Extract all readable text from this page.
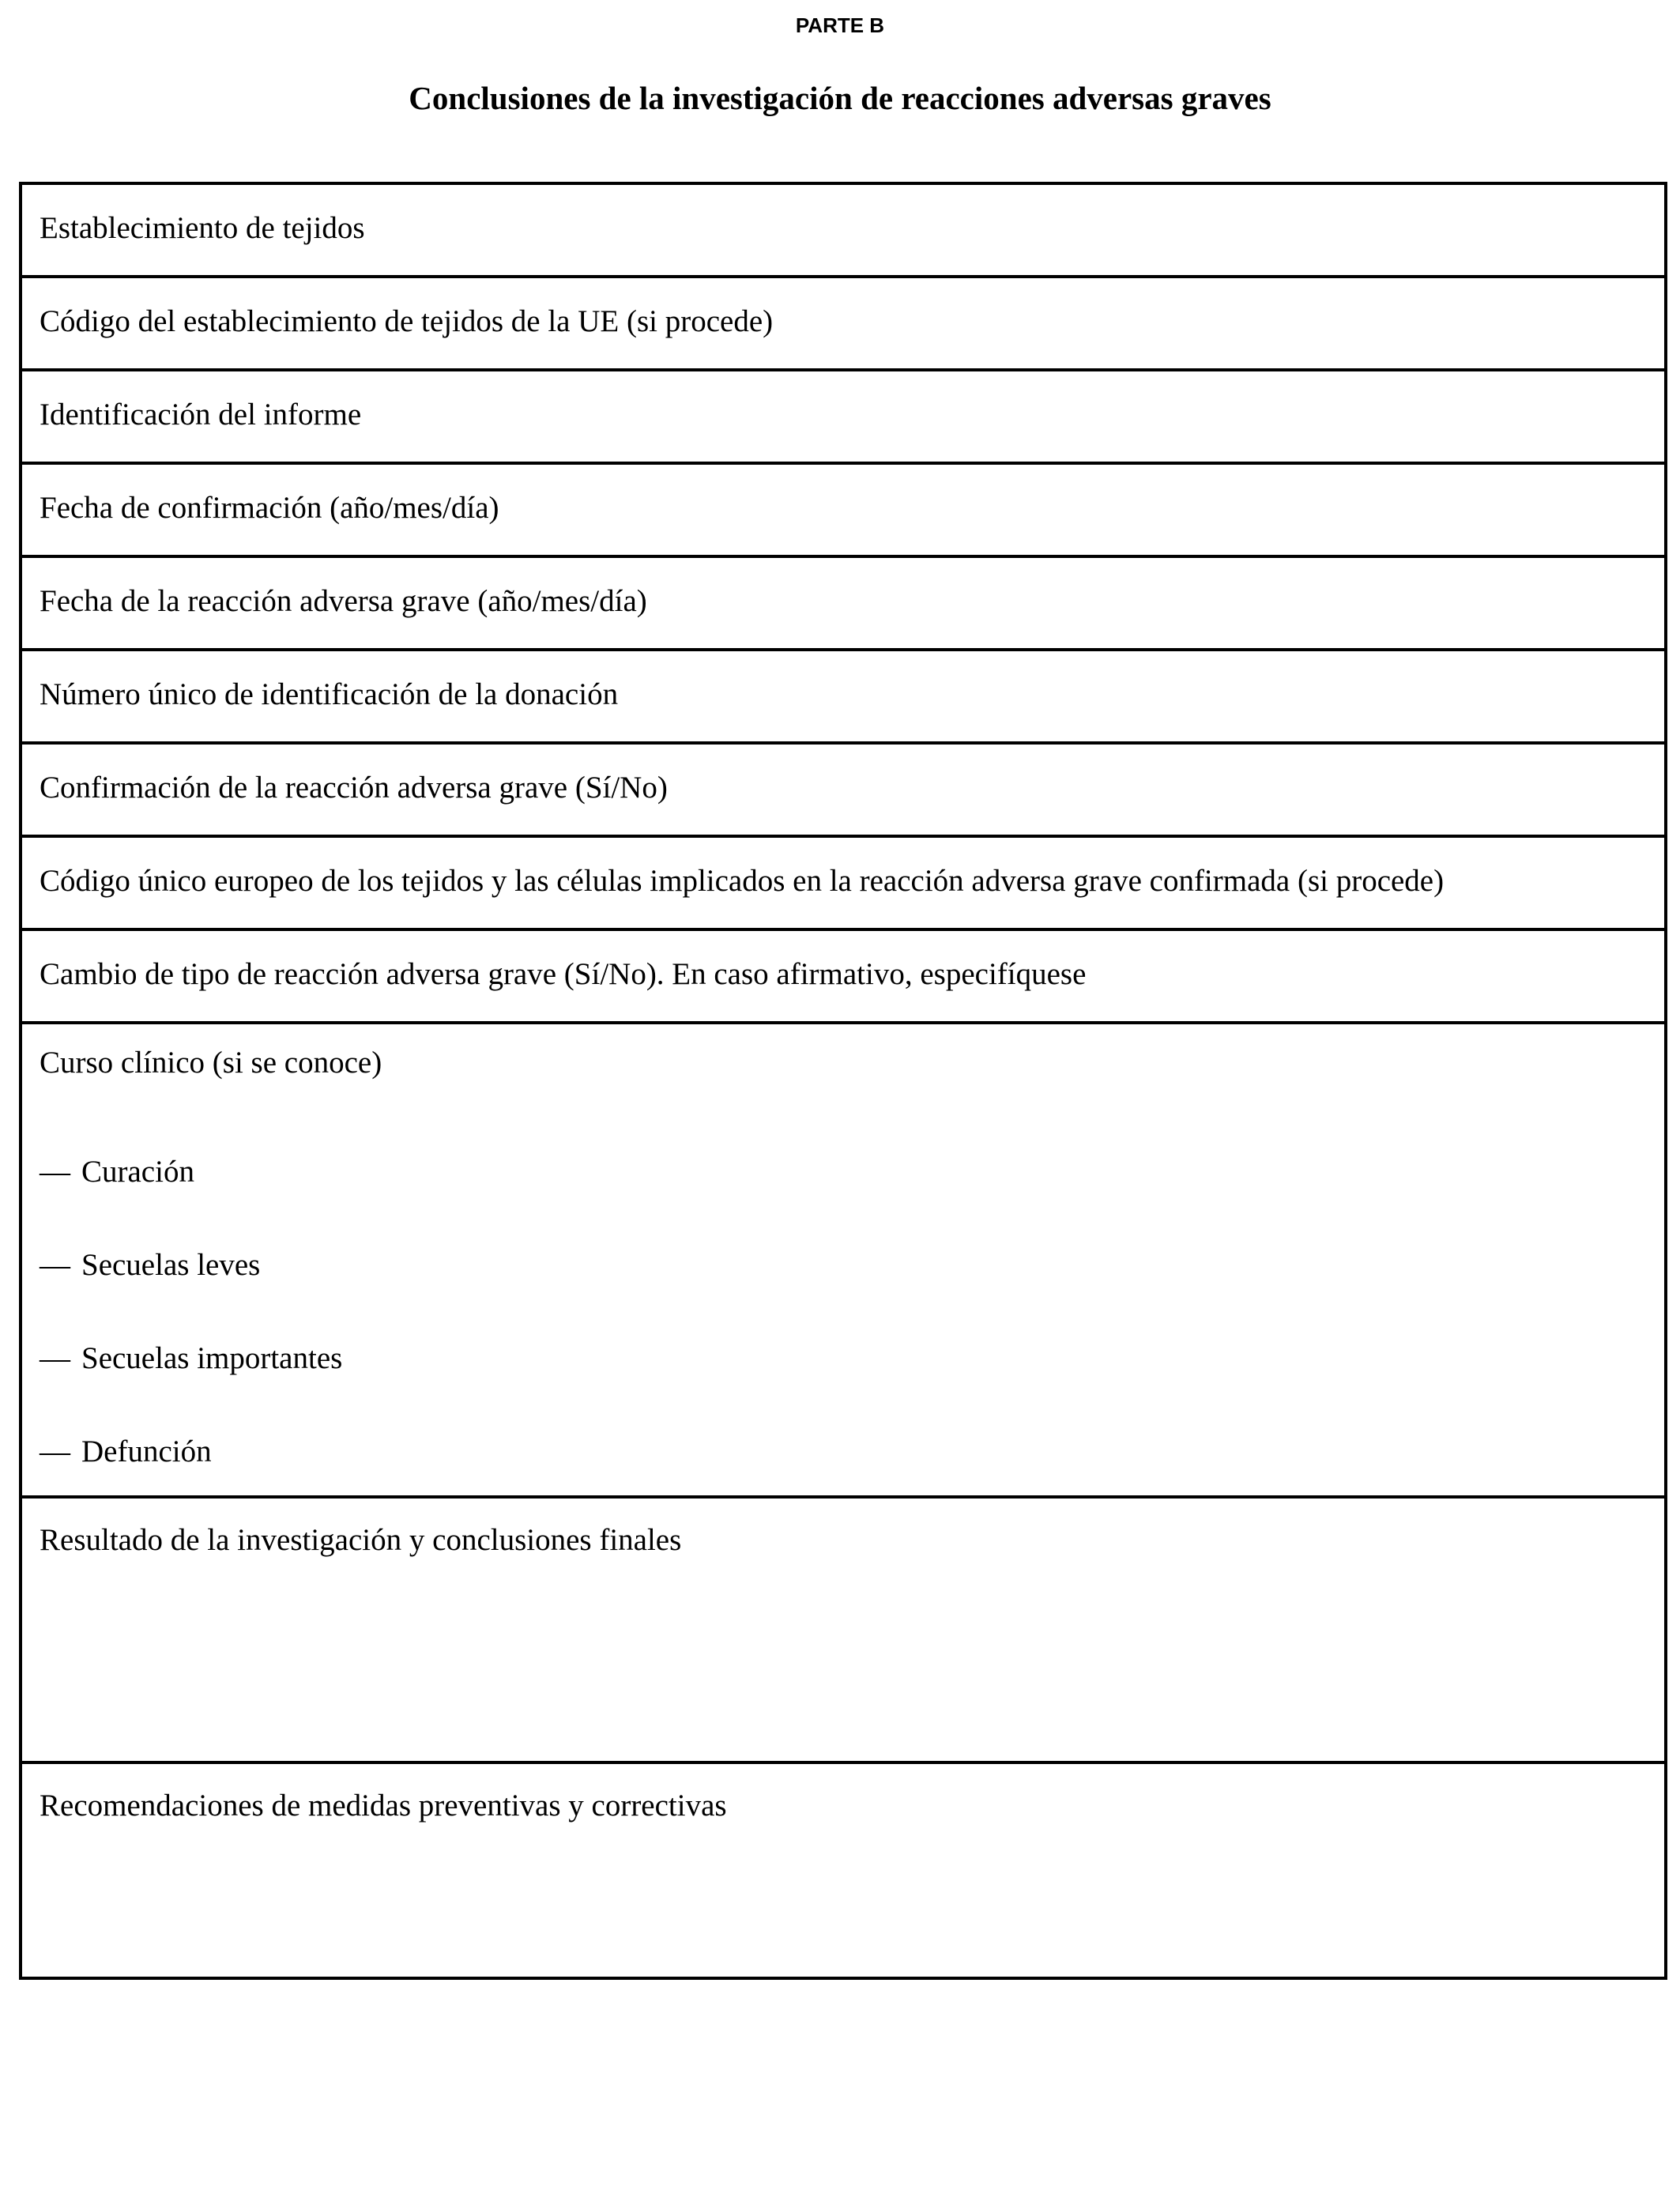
PARTE B
Conclusiones de la investigación de reacciones adversas graves
Establecimiento de tejidos
Código del establecimiento de tejidos de la UE (si procede)
Identificación del informe
Fecha de confirmación (año/mes/día)
Fecha de la reacción adversa grave (año/mes/día)
Número único de identificación de la donación
Confirmación de la reacción adversa grave (Sí/No)
Código único europeo de los tejidos y las células implicados en la reacción adversa grave confirmada (si procede)
Cambio de tipo de reacción adversa grave (Sí/No). En caso afirmativo, especifíquese
Curso clínico (si se conoce)
— Curación
— Secuelas leves
— Secuelas importantes
— Defunción
Resultado de la investigación y conclusiones finales
Recomendaciones de medidas preventivas y correctivas
